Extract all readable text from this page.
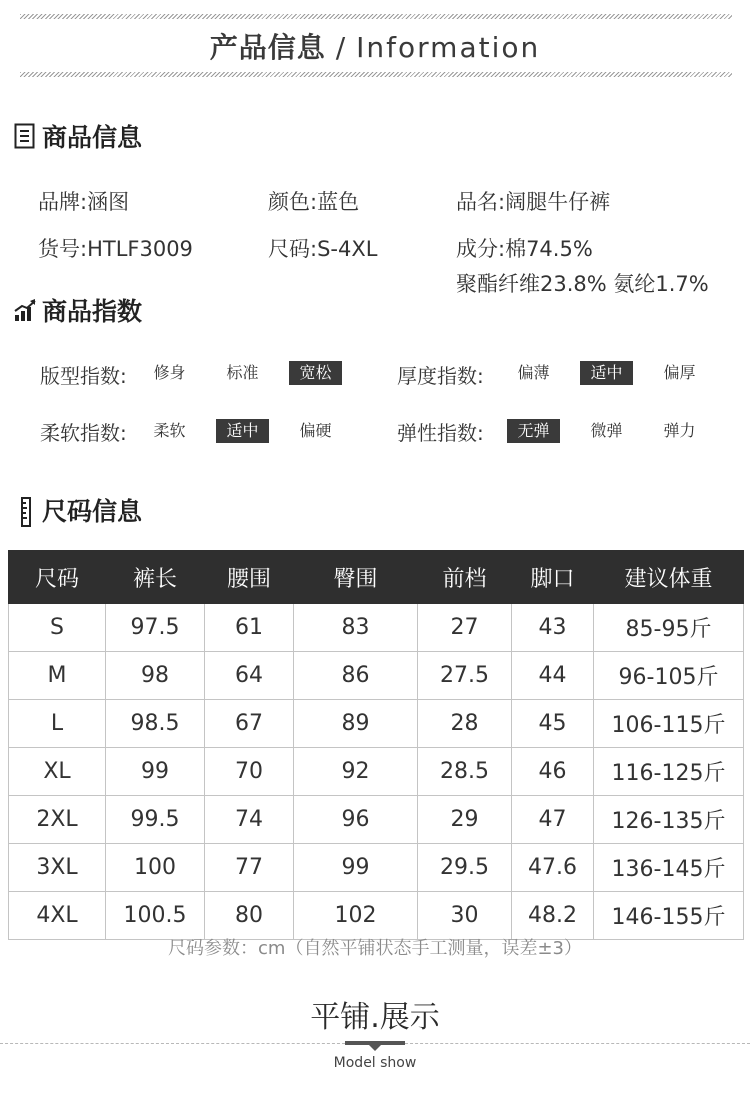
产品信息 / Information
商品信息
品牌:涵图	颜色:蓝色	品名:阔腿牛仔裤
货号:HTLF3009	尺码:S-4XL	成分:棉74.5%
聚酯纤维23.8% 氨纶1.7%
商品指数
版型指数:	修身	标准	宽松	厚度指数:	偏薄	适中	偏厚
柔软指数:	柔软	适中	偏硬	弹性指数:	无弹	微弹	弹力
尺码信息
尺码	裤长	腰围	臀围	前档	脚口	建议体重
S	97.5	61	83	27	43	85-95斤
M	98	64	86	27.5	44	96-105斤
L	98.5	67	89	28	45	106-115斤
XL	99	70	92	28.5	46	116-125斤
2XL	99.5	74	96	29	47	126-135斤
3XL	100	77	99	29.5	47.6	136-145斤
4XL	100.5	80	102	30	48.2	146-155斤
尺码参数：cm（自然平铺状态手工测量，误差±3）
平铺.展示
Model show
